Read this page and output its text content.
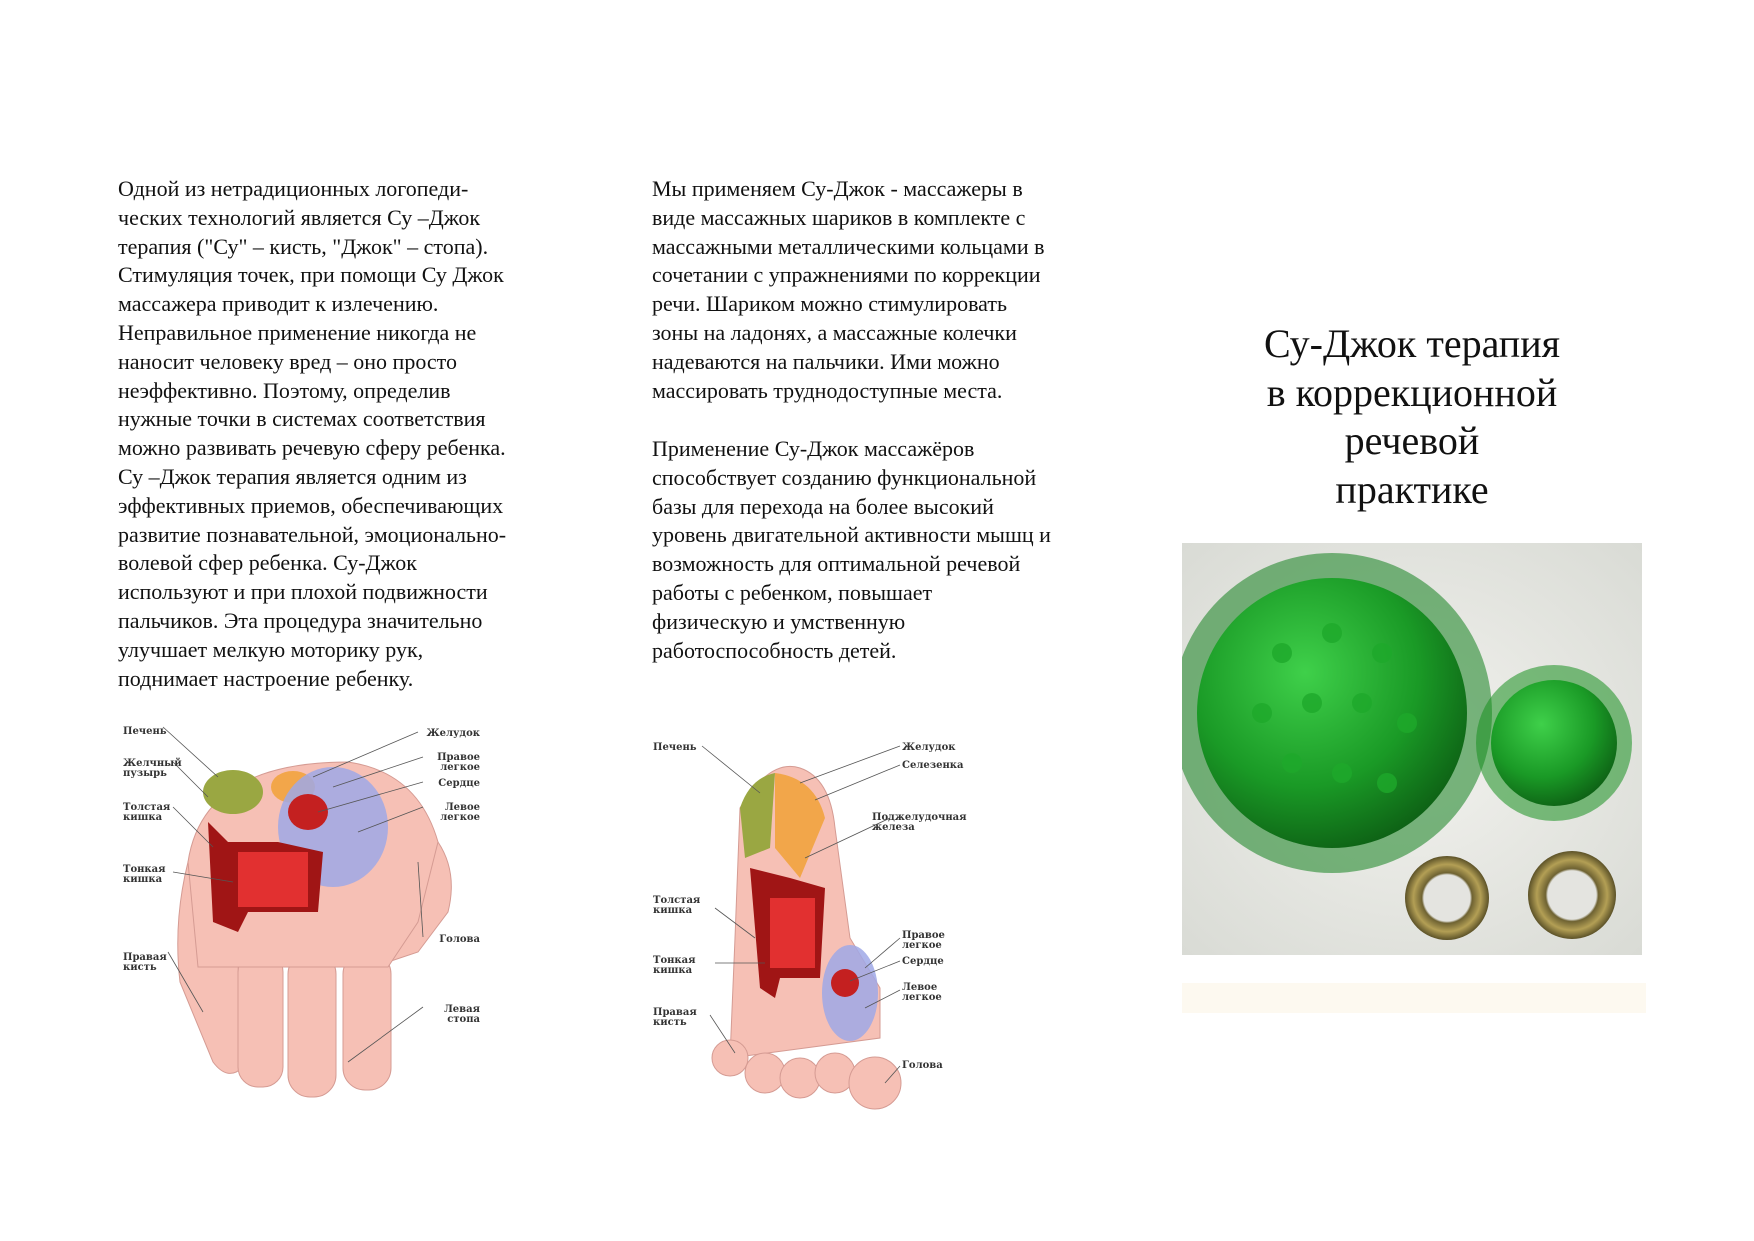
Одной из нетрадиционных логопеди-
ческих технологий является Су –Джок
терапия ("Су" – кисть, "Джок" – стопа).
Стимуляция точек, при помощи Су Джок
массажера приводит к излечению.
Неправильное применение никогда не
наносит человеку вред – оно просто
неэффективно. Поэтому, определив
нужные точки в системах соответствия
можно развивать речевую сферу ребенка.
Су –Джок терапия является одним из
эффективных приемов, обеспечивающих
развитие познавательной, эмоционально-
волевой сфер ребенка. Су-Джок
используют и при плохой подвижности
пальчиков. Эта процедура значительно
улучшает мелкую моторику рук,
поднимает настроение ребенку.

Печень
Желчный пузырь
Толстая кишка
Тонкая кишка
Правая кисть
Желудок
Правое легкое
Сердце
Левое легкое
Голова
Левая стопа

Мы применяем Су-Джок - массажеры в
виде массажных шариков в комплекте с
массажными металлическими кольцами в
сочетании с упражнениями по коррекции
речи. Шариком можно стимулировать
зоны на ладонях, а массажные колечки
надеваются на пальчики. Ими можно
массировать труднодоступные места.

Применение Су-Джок массажёров
способствует созданию функциональной
базы для перехода на более высокий
уровень двигательной активности мышц и
возможность для оптимальной речевой
работы с ребенком, повышает
физическую и умственную
работоспособность детей.

Печень
Толстая кишка
Тонкая кишка
Правая кисть
Желудок
Селезенка
Поджелудочная железа
Правое легкое
Сердце
Левое легкое
Голова
Су-Джок терапия
в коррекционной
речевой
практике
